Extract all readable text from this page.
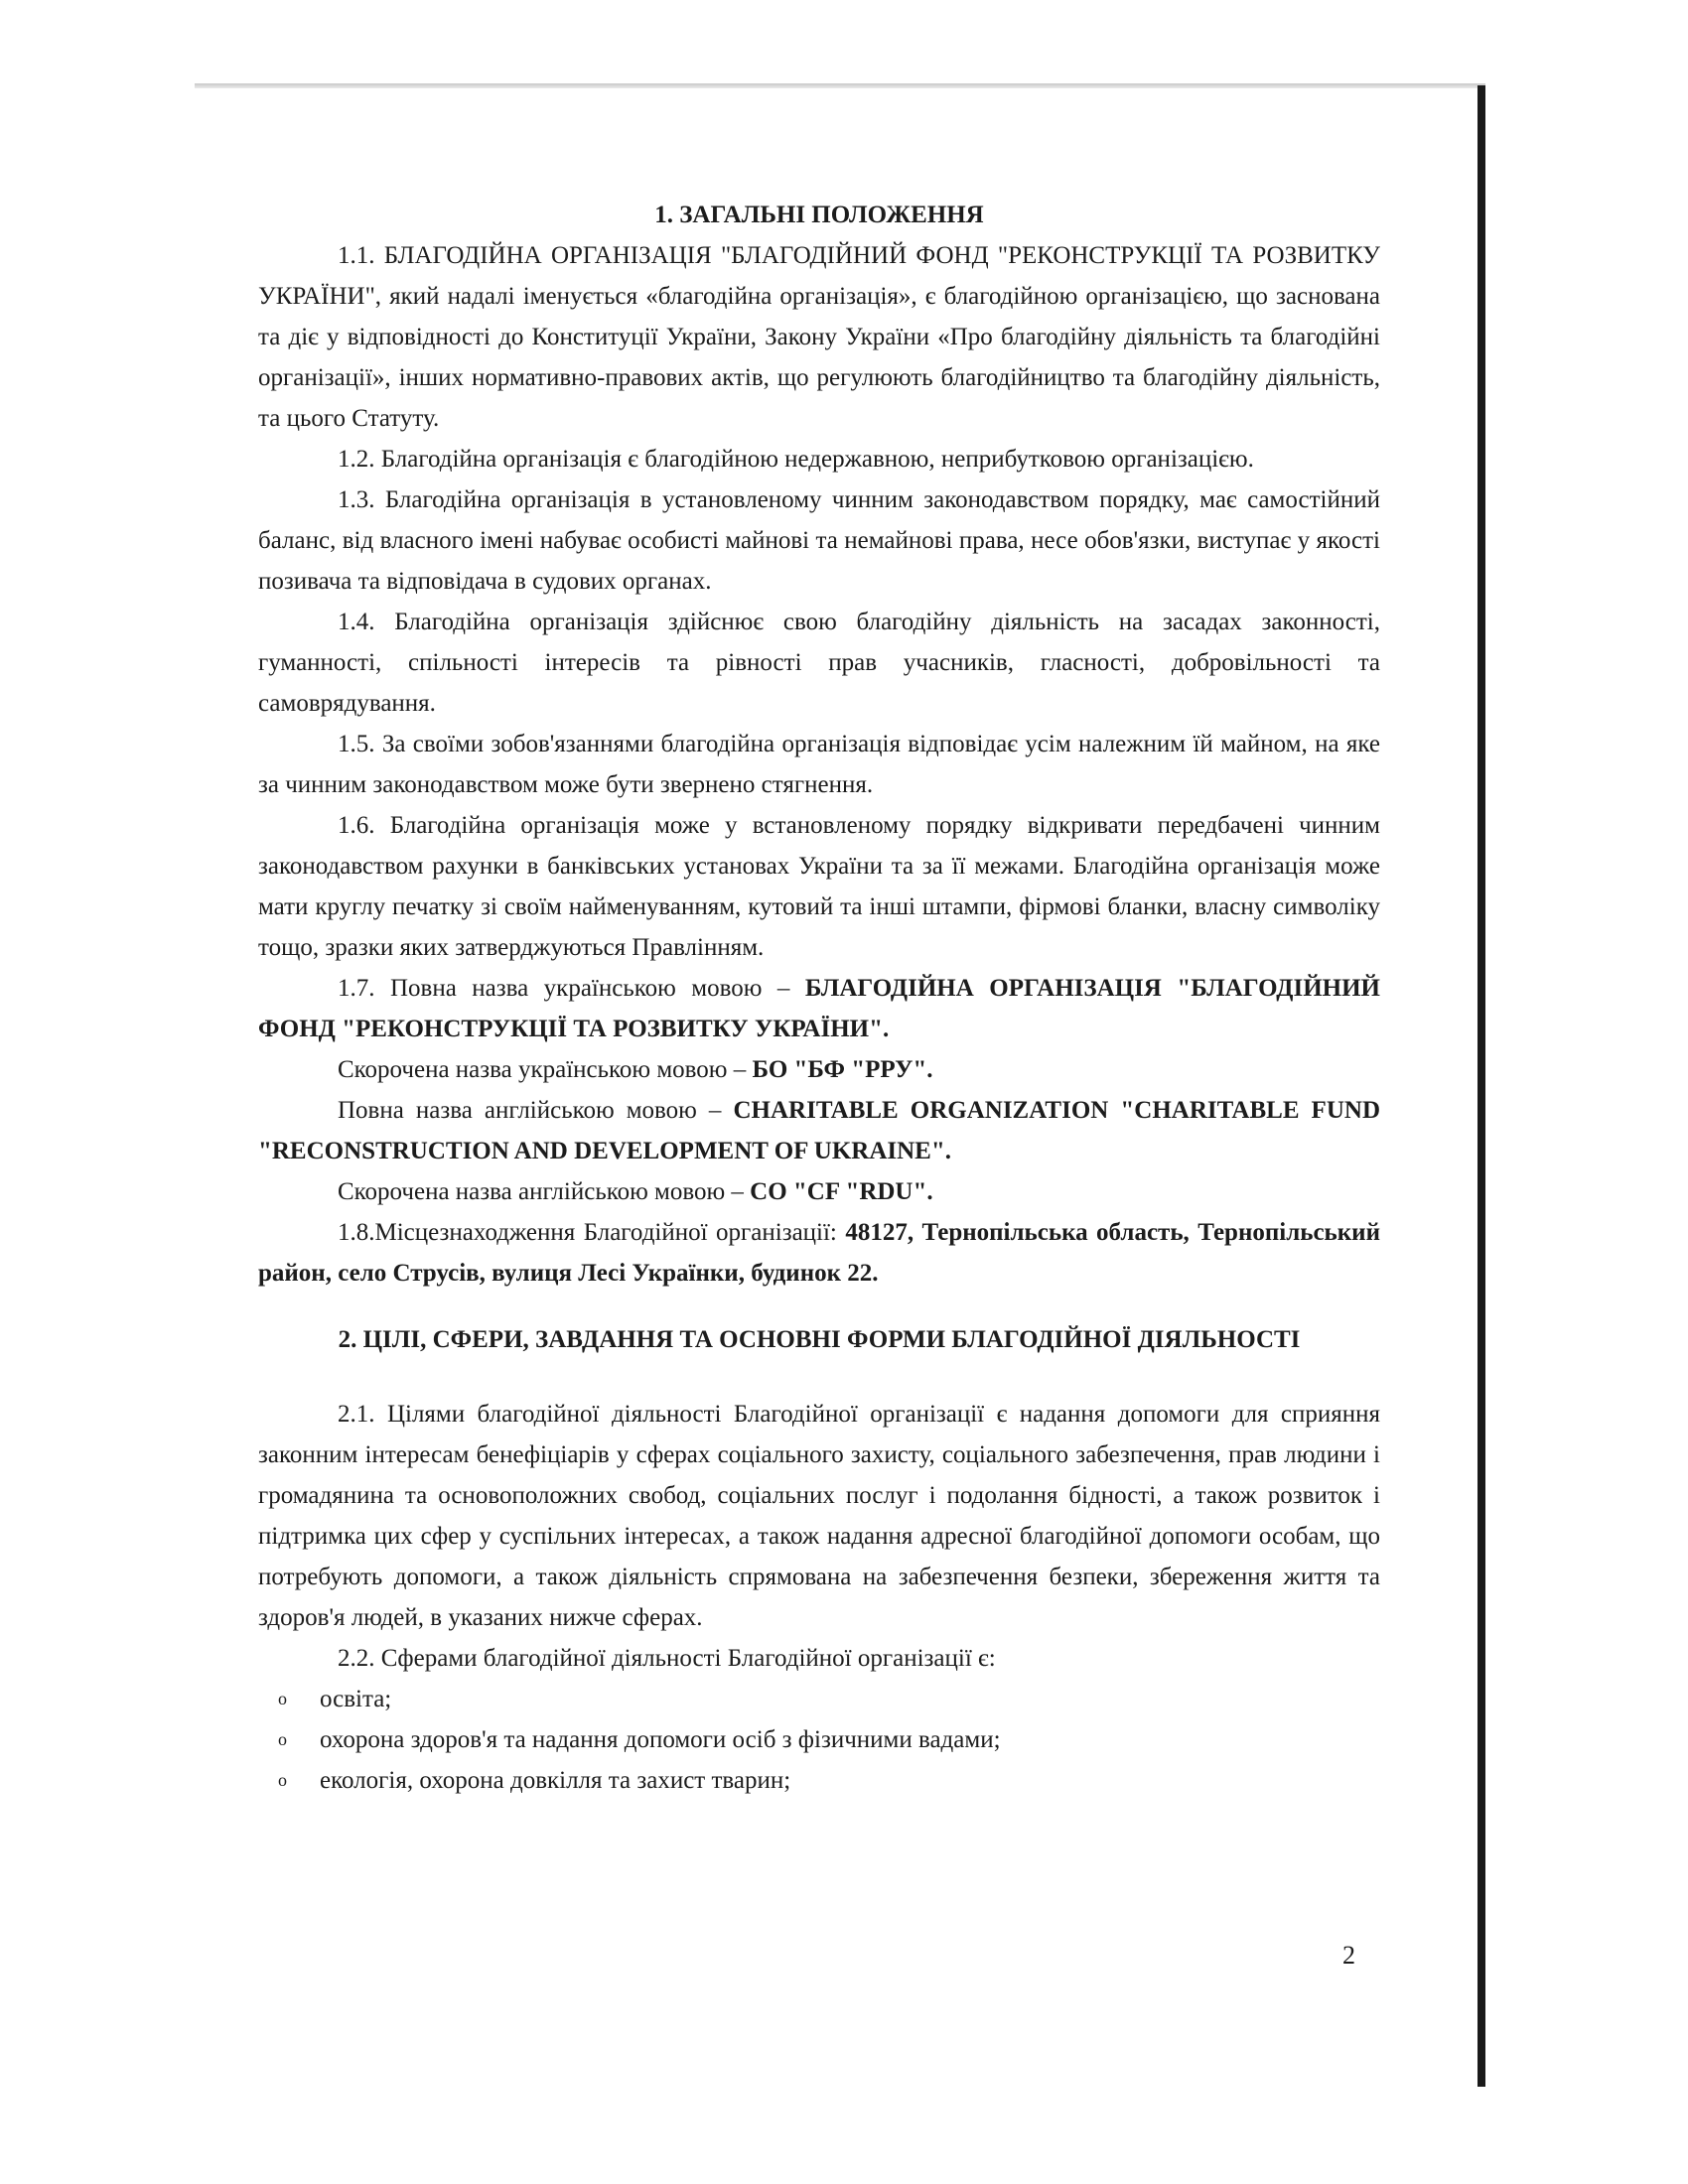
1. ЗАГАЛЬНІ ПОЛОЖЕННЯ

1.1. БЛАГОДІЙНА ОРГАНІЗАЦІЯ "БЛАГОДІЙНИЙ ФОНД "РЕКОНСТРУКЦІЇ ТА РОЗВИТКУ УКРАЇНИ", який надалі іменується «благодійна організація», є благодійною організацією, що заснована та діє у відповідності до Конституції України, Закону України «Про благодійну діяльність та благодійні організації», інших нормативно-правових актів, що регулюють благодійництво та благодійну діяльність, та цього Статуту.

1.2. Благодійна організація є благодійною недержавною, неприбутковою організацією.

1.3. Благодійна організація в установленому чинним законодавством порядку, має самостійний баланс, від власного імені набуває особисті майнові та немайнові права, несе обов'язки, виступає у якості позивача та відповідача в судових органах.

1.4. Благодійна організація здійснює свою благодійну діяльність на засадах законності, гуманності, спільності інтересів та рівності прав учасників, гласності, добровільності та самоврядування.

1.5. За своїми зобов'язаннями благодійна організація відповідає усім належним їй майном, на яке за чинним законодавством може бути звернено стягнення.

1.6. Благодійна організація може у встановленому порядку відкривати передбачені чинним законодавством рахунки в банківських установах України та за її межами. Благодійна організація може мати круглу печатку зі своїм найменуванням, кутовий та інші штампи, фірмові бланки, власну символіку тощо, зразки яких затверджуються Правлінням.

1.7. Повна назва українською мовою – БЛАГОДІЙНА ОРГАНІЗАЦІЯ "БЛАГОДІЙНИЙ ФОНД "РЕКОНСТРУКЦІЇ ТА РОЗВИТКУ УКРАЇНИ".

Скорочена назва українською мовою – БО "БФ "РРУ".

Повна назва англійською мовою – CHARITABLE ORGANIZATION "CHARITABLE FUND "RECONSTRUCTION AND DEVELOPMENT OF UKRAINE".

Скорочена назва англійською мовою – CO "CF "RDU".

1.8.Місцезнаходження Благодійної організації: 48127, Тернопільська область, Тернопільський район, село Струсів, вулиця Лесі Українки, будинок 22.

2. ЦІЛІ, СФЕРИ, ЗАВДАННЯ ТА ОСНОВНІ ФОРМИ БЛАГОДІЙНОЇ ДІЯЛЬНОСТІ

2.1. Цілями благодійної діяльності Благодійної організації є надання допомоги для сприяння законним інтересам бенефіціарів у сферах соціального захисту, соціального забезпечення, прав людини і громадянина та основоположних свобод, соціальних послуг і подолання бідності, а також розвиток і підтримка цих сфер у суспільних інтересах, а також надання адресної благодійної допомоги особам, що потребують допомоги, а також діяльність спрямована на забезпечення безпеки, збереження життя та здоров'я людей, в указаних нижче сферах.

2.2. Сферами благодійної діяльності Благодійної організації є:

o освіта;
o охорона здоров'я та надання допомоги осіб з фізичними вадами;
o екологія, охорона довкілля та захист тварин;
2
